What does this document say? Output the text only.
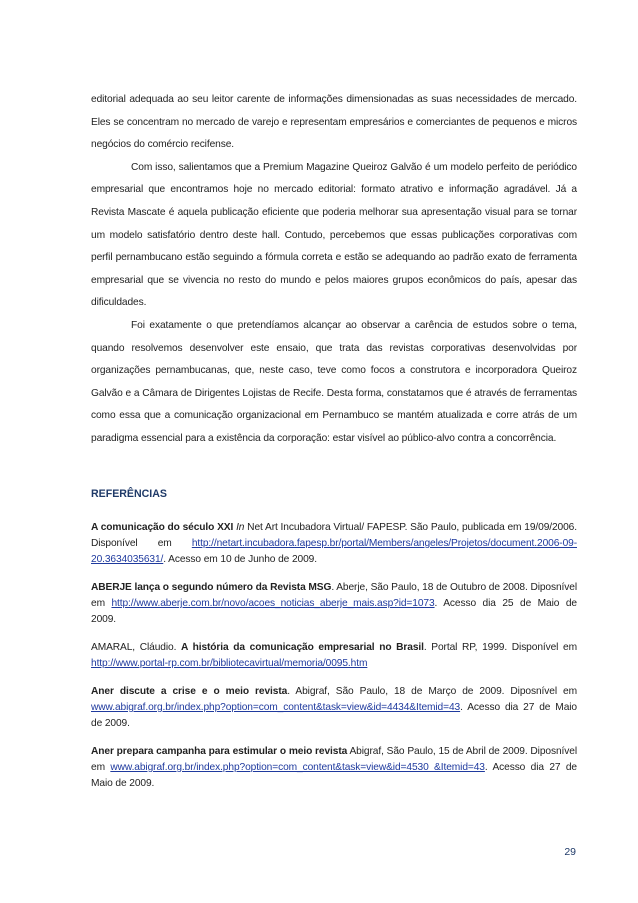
editorial adequada ao seu leitor carente de informações dimensionadas as suas necessidades de mercado. Eles se concentram no mercado de varejo e representam empresários e comerciantes de pequenos e micros negócios do comércio recifense.

Com isso, salientamos que a Premium Magazine Queiroz Galvão é um modelo perfeito de periódico empresarial que encontramos hoje no mercado editorial: formato atrativo e informação agradável. Já a Revista Mascate é aquela publicação eficiente que poderia melhorar sua apresentação visual para se tornar um modelo satisfatório dentro deste hall. Contudo, percebemos que essas publicações corporativas com perfil pernambucano estão seguindo a fórmula correta e estão se adequando ao padrão exato de ferramenta empresarial que se vivencia no resto do mundo e pelos maiores grupos econômicos do país, apesar das dificuldades.

Foi exatamente o que pretendíamos alcançar ao observar a carência de estudos sobre o tema, quando resolvemos desenvolver este ensaio, que trata das revistas corporativas desenvolvidas por organizações pernambucanas, que, neste caso, teve como focos a construtora e incorporadora Queiroz Galvão e a Câmara de Dirigentes Lojistas de Recife. Desta forma, constatamos que é através de ferramentas como essa que a comunicação organizacional em Pernambuco se mantém atualizada e corre atrás de um paradigma essencial para a existência da corporação: estar visível ao público-alvo contra a concorrência.

REFERÊNCIAS

A comunicação do século XXI In Net Art Incubadora Virtual/ FAPESP. São Paulo, publicada em 19/09/2006. Disponível em http://netart.incubadora.fapesp.br/portal/Members/angeles/Projetos/document.2006-09-20.3634035631/. Acesso em 10 de Junho de 2009.

ABERJE lança o segundo número da Revista MSG. Aberje, São Paulo, 18 de Outubro de 2008. Diposnível em http://www.aberje.com.br/novo/acoes_noticias_aberje_mais.asp?id=1073. Acesso dia 25 de Maio de 2009.

AMARAL, Cláudio. A história da comunicação empresarial no Brasil. Portal RP, 1999. Disponível em http://www.portal-rp.com.br/bibliotecavirtual/memoria/0095.htm

Aner discute a crise e o meio revista. Abigraf, São Paulo, 18 de Março de 2009. Diposnível em www.abigraf.org.br/index.php?option=com_content&task=view&id=4434&Itemid=43. Acesso dia 27 de Maio de 2009.

Aner prepara campanha para estimular o meio revista Abigraf, São Paulo, 15 de Abril de 2009. Diposnível em www.abigraf.org.br/index.php?option=com_content&task=view&id=4530 &Itemid=43. Acesso dia 27 de Maio de 2009.

29
